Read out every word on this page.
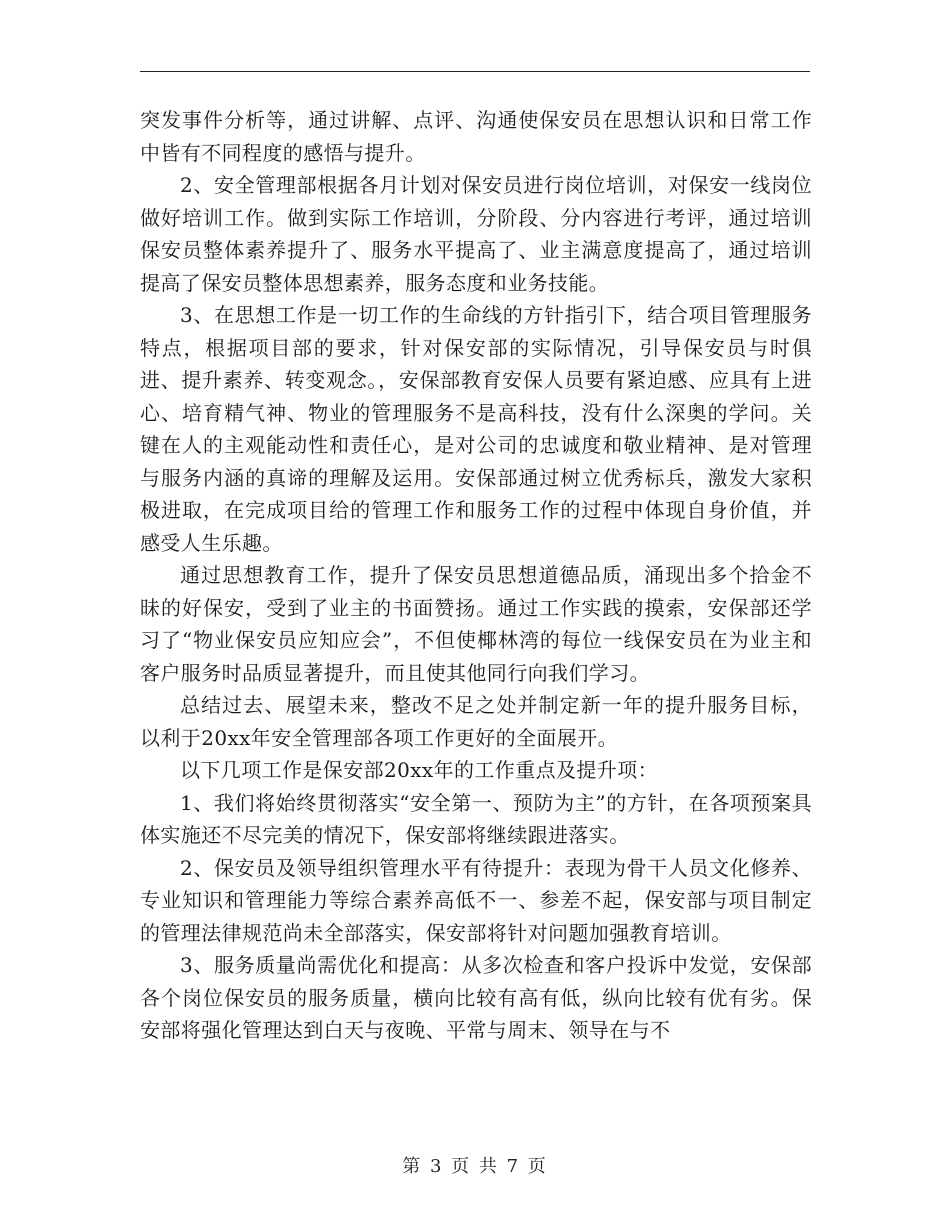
突发事件分析等，通过讲解、点评、沟通使保安员在思想认识和日常工作中皆有不同程度的感悟与提升。

2、安全管理部根据各月计划对保安员进行岗位培训，对保安一线岗位做好培训工作。做到实际工作培训，分阶段、分内容进行考评，通过培训保安员整体素养提升了、服务水平提高了、业主满意度提高了，通过培训提高了保安员整体思想素养，服务态度和业务技能。

3、在思想工作是一切工作的生命线的方针指引下，结合项目管理服务特点，根据项目部的要求，针对保安部的实际情况，引导保安员与时俱进、提升素养、转变观念。，安保部教育安保人员要有紧迫感、应具有上进心、培育精气神、物业的管理服务不是高科技，没有什么深奥的学问。关键在人的主观能动性和责任心，是对公司的忠诚度和敬业精神、是对管理与服务内涵的真谛的理解及运用。安保部通过树立优秀标兵，激发大家积极进取，在完成项目给的管理工作和服务工作的过程中体现自身价值，并感受人生乐趣。

通过思想教育工作，提升了保安员思想道德品质，涌现出多个拾金不昧的好保安，受到了业主的书面赞扬。通过工作实践的摸索，安保部还学习了“物业保安员应知应会”，不但使椰林湾的每位一线保安员在为业主和客户服务时品质显著提升，而且使其他同行向我们学习。

总结过去、展望未来，整改不足之处并制定新一年的提升服务目标，以利于20xx年安全管理部各项工作更好的全面展开。

以下几项工作是保安部20xx年的工作重点及提升项：

1、我们将始终贯彻落实“安全第一、预防为主”的方针，在各项预案具体实施还不尽完美的情况下，保安部将继续跟进落实。

2、保安员及领导组织管理水平有待提升：表现为骨干人员文化修养、专业知识和管理能力等综合素养高低不一、参差不起，保安部与项目制定的管理法律规范尚未全部落实，保安部将针对问题加强教育培训。

3、服务质量尚需优化和提高：从多次检查和客户投诉中发觉，安保部各个岗位保安员的服务质量，横向比较有高有低，纵向比较有优有劣。保安部将强化管理达到白天与夜晚、平常与周末、领导在与不

第 3 页 共 7 页
